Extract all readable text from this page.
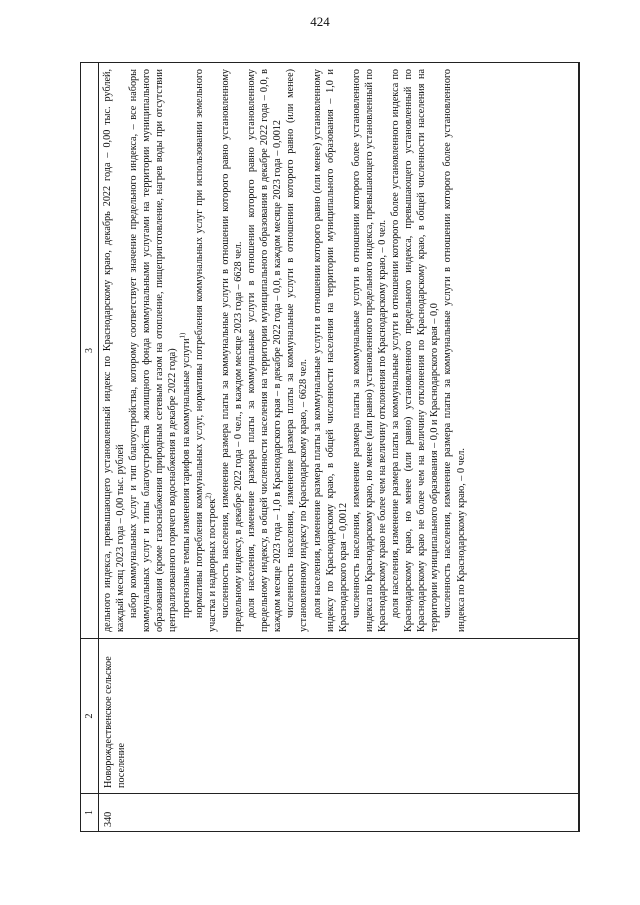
424
1
2
3
340
Новорождественское сельское поселение

дельного индекса, превышающего установленный индекс по Краснодарскому краю, декабрь 2022 года – 0,00 тыс. рублей, каждый месяц 2023 года – 0,00 тыс. рублей набор коммунальных услуг и тип благоустройства, которому соответствует значение предельного индекса, – все наборы коммунальных услуг и типы благоустройства жилищного фонда коммунальными услугами на территории муниципального образования (кроме газоснабжения природным сетевым газом на отопление, пищеприготовление, нагрев воды при отсутствии централизованного горячего водоснабжения в декабре 2022 года) прогнозные темпы изменения тарифов на коммунальные услуги$^{1)}$ нормативы потребления коммунальных услуг, нормативы потребления коммунальных услуг при использовании земельного участка и надворных построек$^{2)}$ численность населения, изменение размера платы за коммунальные услуги в отношении которого равно установленному предельному индексу, в декабре 2022 года – 0 чел., в каждом месяце 2023 года – 6628 чел. доля населения, изменение размера платы за коммунальные услуги в отношении которого равно установленному предельному индексу, в общей численности населения на территории муниципального образования в декабре 2022 года – 0,0, в каждом месяце 2023 года – 1,0 в Краснодарского края – в декабре 2022 года – 0,0, в каждом месяце 2023 года – 0,0012 численность населения, изменение размера платы за коммунальные услуги в отношении которого равно (или менее) установленному индексу по Краснодарскому краю, – 6628 чел. доля населения, изменение размера платы за коммунальные услуги в отношении которого равно (или менее) установленному индексу по Краснодарскому краю, в общей численности населения на территории муниципального образования – 1,0 и Краснодарского края – 0,0012 численность населения, изменение размера платы за коммунальные услуги в отношении которого более установленного индекса по Краснодарскому краю, но менее (или равно) установленного предельного индекса, превышающего установленный по Краснодарскому краю не более чем на величину отклонения по Краснодарскому краю, – 0 чел. доля населения, изменение размера платы за коммунальные услуги в отношении которого более установленного индекса по Краснодарскому краю, но менее (или равно) установленного предельного индекса, превышающего установленный по Краснодарскому краю не более чем на величину отклонения по Краснодарскому краю, в общей численности населения на территории муниципального образования – 0,0 и Краснодарского края – 0,0 численность населения, изменение размера платы за коммунальные услуги в отношении которого более установленного индекса по Краснодарскому краю, – 0 чел.
